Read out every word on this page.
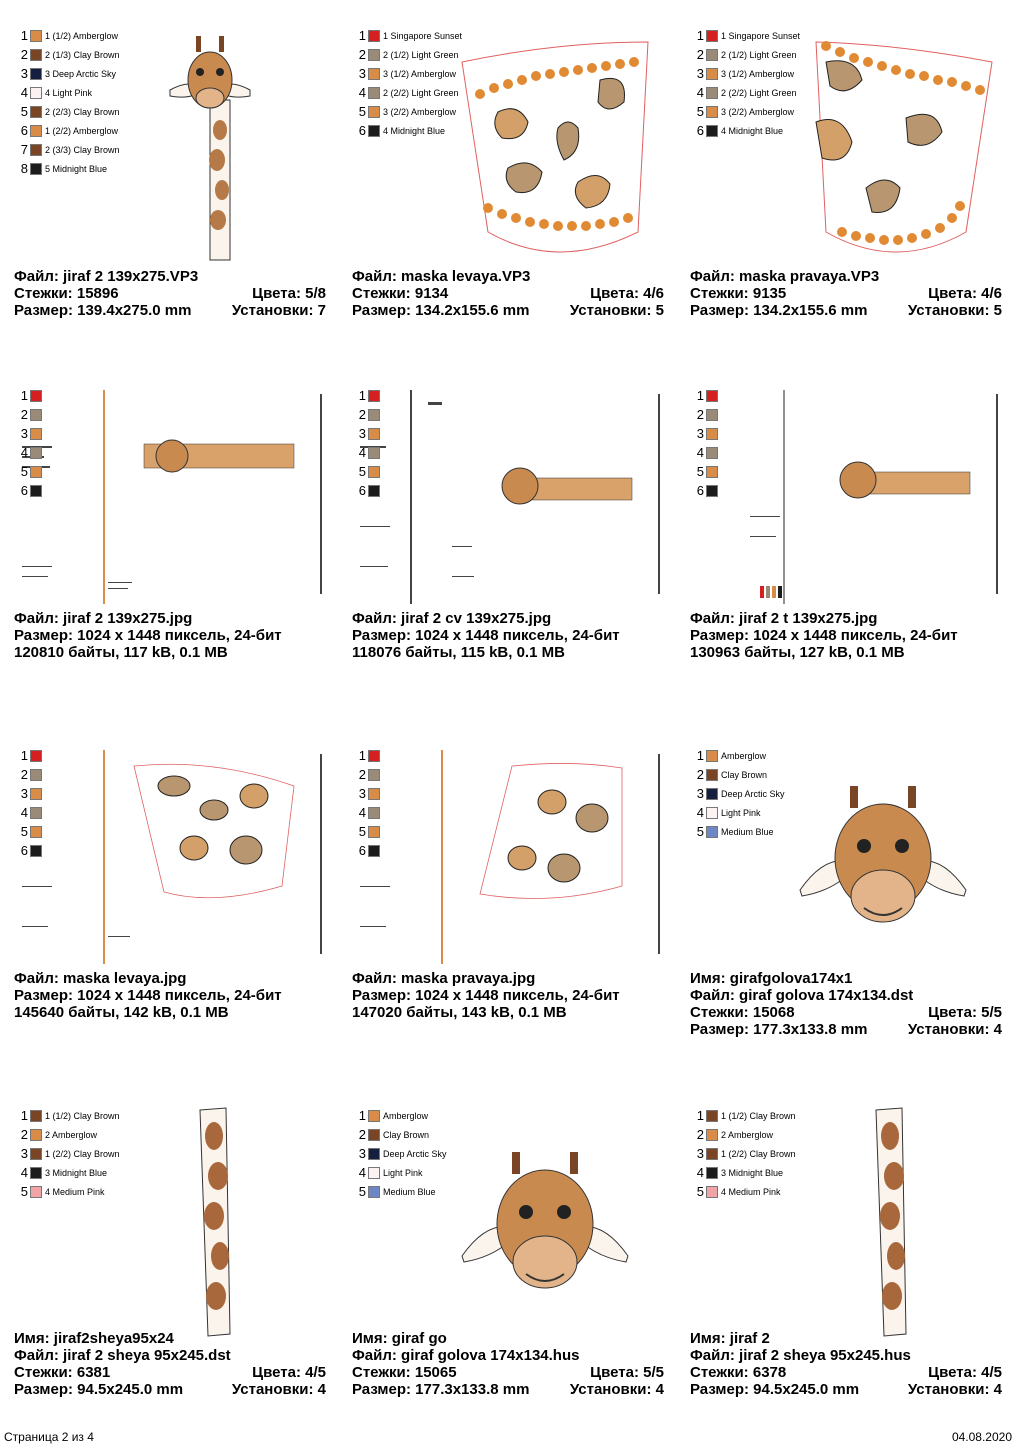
1 1 (1/2) Amberglow
2 2 (1/3) Clay Brown
3 3 Deep Arctic Sky
4 4 Light Pink
5 2 (2/3) Clay Brown
6 1 (2/2) Amberglow
7 2 (3/3) Clay Brown
8 5 Midnight Blue
Файл: jiraf 2 139x275.VP3
Стежки: 15896	Цвета: 5/8
Размер: 139.4x275.0 mm	Установки: 7
1 1 Singapore Sunset
2 2 (1/2) Light Green
3 3 (1/2) Amberglow
4 2 (2/2) Light Green
5 3 (2/2) Amberglow
6 4 Midnight Blue
Файл: maska levaya.VP3
Стежки: 9134	Цвета: 4/6
Размер: 134.2x155.6 mm	Установки: 5
1 1 Singapore Sunset
2 2 (1/2) Light Green
3 3 (1/2) Amberglow
4 2 (2/2) Light Green
5 3 (2/2) Amberglow
6 4 Midnight Blue
Файл: maska pravaya.VP3
Стежки: 9135	Цвета: 4/6
Размер: 134.2x155.6 mm	Установки: 5
1
2
3
4
5
6
Файл: jiraf 2 139x275.jpg
Размер: 1024 x 1448 пиксель, 24-бит
120810 байты, 117 kB, 0.1 MB
1
2
3
4
5
6
Файл: jiraf 2 cv 139x275.jpg
Размер: 1024 x 1448 пиксель, 24-бит
118076 байты, 115 kB, 0.1 MB
1
2
3
4
5
6
Файл: jiraf 2 t 139x275.jpg
Размер: 1024 x 1448 пиксель, 24-бит
130963 байты, 127 kB, 0.1 MB
1
2
3
4
5
6
Файл: maska levaya.jpg
Размер: 1024 x 1448 пиксель, 24-бит
145640 байты, 142 kB, 0.1 MB
1
2
3
4
5
6
Файл: maska pravaya.jpg
Размер: 1024 x 1448 пиксель, 24-бит
147020 байты, 143 kB, 0.1 MB
1 Amberglow
2 Clay Brown
3 Deep Arctic Sky
4 Light Pink
5 Medium Blue
Имя: girafgolova174x1
Файл: giraf golova 174x134.dst
Стежки: 15068	Цвета: 5/5
Размер: 177.3x133.8 mm	Установки: 4
1 1 (1/2) Clay Brown
2 2 Amberglow
3 1 (2/2) Clay Brown
4 3 Midnight Blue
5 4 Medium Pink
Имя: jiraf2sheya95x24
Файл: jiraf 2 sheya 95x245.dst
Стежки: 6381	Цвета: 4/5
Размер: 94.5x245.0 mm	Установки: 4
1 Amberglow
2 Clay Brown
3 Deep Arctic Sky
4 Light Pink
5 Medium Blue
Имя: giraf go
Файл: giraf golova 174x134.hus
Стежки: 15065	Цвета: 5/5
Размер: 177.3x133.8 mm	Установки: 4
1 1 (1/2) Clay Brown
2 2 Amberglow
3 1 (2/2) Clay Brown
4 3 Midnight Blue
5 4 Medium Pink
Имя: jiraf 2
Файл: jiraf 2 sheya 95x245.hus
Стежки: 6378	Цвета: 4/5
Размер: 94.5x245.0 mm	Установки: 4
Страница 2 из 4	04.08.2020
